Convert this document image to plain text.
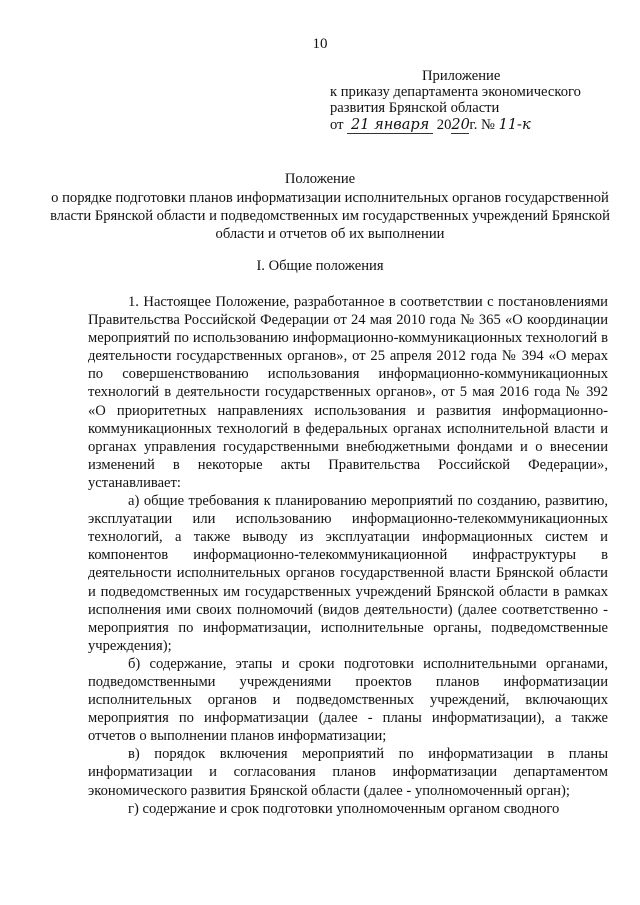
10
Приложение
к приказу департамента экономического
развития Брянской области
от 21 января 2020г. № 11-к
Положение
о порядке подготовки планов информатизации исполнительных органов государственной власти Брянской области и подведомственных им государственных учреждений Брянской области и отчетов об их выполнении
I. Общие положения

1. Настоящее Положение, разработанное в соответствии с постановлениями Правительства Российской Федерации от 24 мая 2010 года № 365 «О координации мероприятий по использованию информационно-коммуникационных технологий в деятельности государственных органов», от 25 апреля 2012 года № 394 «О мерах по совершенствованию использования информационно-коммуникационных технологий в деятельности государственных органов», от 5 мая 2016 года № 392 «О приоритетных направлениях использования и развития информационно-коммуникационных технологий в федеральных органах исполнительной власти и органах управления государственными внебюджетными фондами и о внесении изменений в некоторые акты Правительства Российской Федерации», устанавливает:

а) общие требования к планированию мероприятий по созданию, развитию, эксплуатации или использованию информационно-телекоммуникационных технологий, а также выводу из эксплуатации информационных систем и компонентов информационно-телекоммуникационной инфраструктуры в деятельности исполнительных органов государственной власти Брянской области и подведомственных им государственных учреждений Брянской области в рамках исполнения ими своих полномочий (видов деятельности) (далее соответственно - мероприятия по информатизации, исполнительные органы, подведомственные учреждения);

б) содержание, этапы и сроки подготовки исполнительными органами, подведомственными учреждениями проектов планов информатизации исполнительных органов и подведомственных учреждений, включающих мероприятия по информатизации (далее - планы информатизации), а также отчетов о выполнении планов информатизации;

в) порядок включения мероприятий по информатизации в планы информатизации и согласования планов информатизации департаментом экономического развития Брянской области (далее - уполномоченный орган);

г) содержание и срок подготовки уполномоченным органом сводного
